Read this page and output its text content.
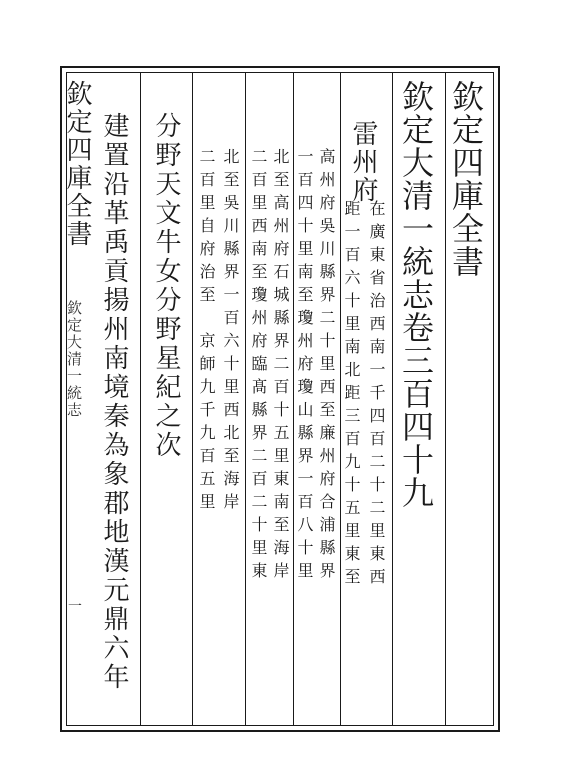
欽定四庫全書
欽定大清一統志卷三百四十九
雷州府
在廣東省治西南一千四百二十二里東西
距一百六十里南北距三百九十五里東至
高州府吳川縣界二十里西至廉州府合浦縣界
一百四十里南至瓊州府瓊山縣界一百八十里
北至高州府石城縣界二百十五里東南至海岸
二百里西南至瓊州府臨髙縣界二百二十里東
北至吳川縣界一百六十里西北至海岸
二百里自府治至　京師九千九百五里
分野天文牛女分野星紀之次
建置沿革禹貢揚州南境秦為象郡地漢元鼎六年
欽定四庫全書
欽定大清一統志
一
